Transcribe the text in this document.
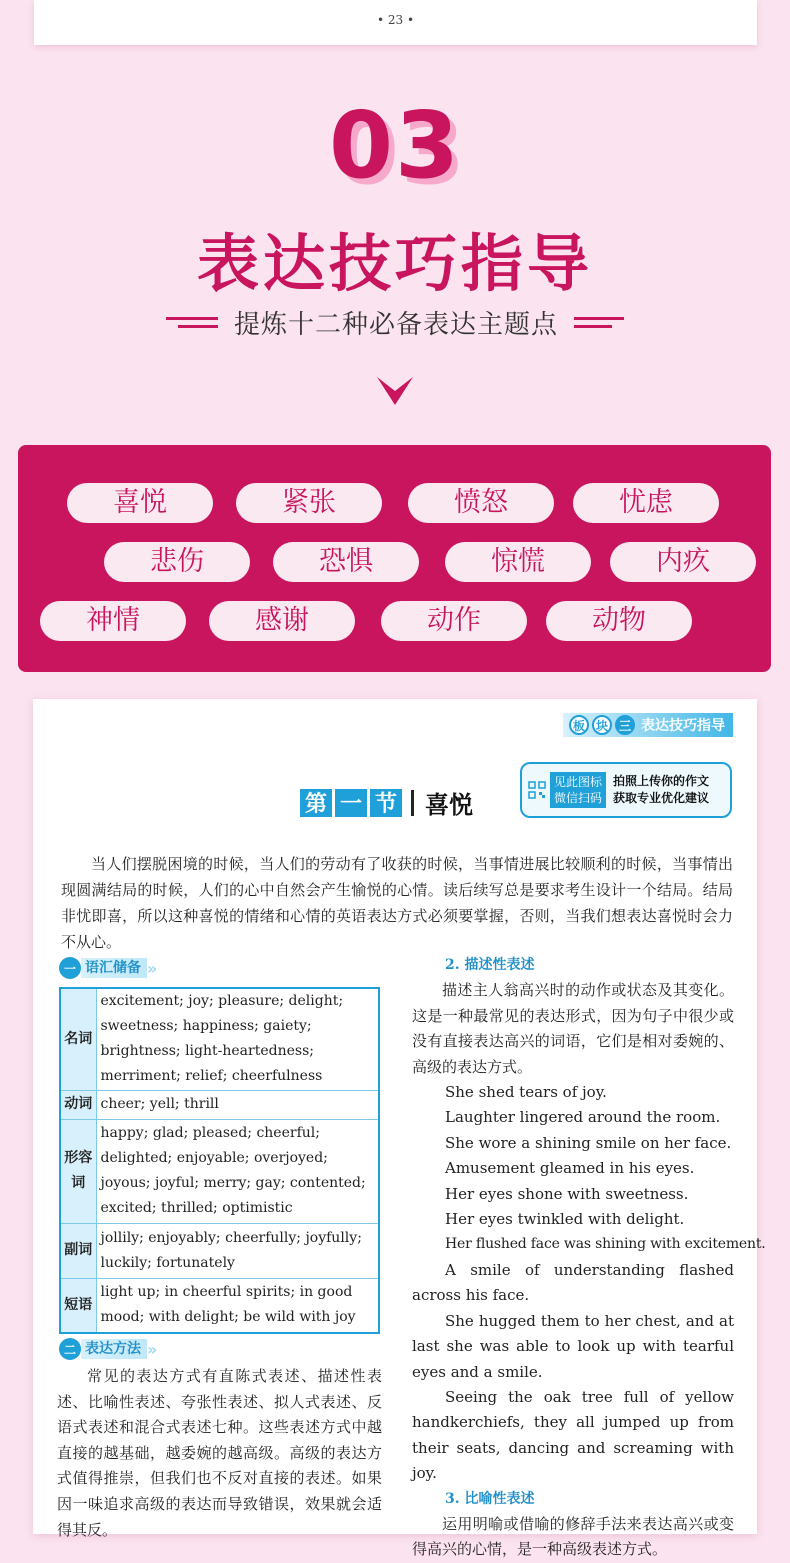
• 23 •
03
表达技巧指导
提炼十二种必备表达主题点
喜悦	紧张	愤怒	忧虑
悲伤	恐惧	惊慌	内疚
神情	感谢	动作	动物
板 块 三 表达技巧指导
见此图标
微信扫码
拍照上传你的作文
获取专业优化建议
第 一 节 喜悦
当人们摆脱困境的时候，当人们的劳动有了收获的时候，当事情进展比较顺利的时候，当事情出现圆满结局的时候，人们的心中自然会产生愉悦的心情。读后续写总是要求考生设计一个结局。结局非忧即喜，所以这种喜悦的情绪和心情的英语表达方式必须要掌握，否则，当我们想表达喜悦时会力不从心。
一 语汇储备 »
名词	excitement; joy; pleasure; delight; sweetness; happiness; gaiety; brightness; light-heartedness; merriment; relief; cheerfulness
动词	cheer; yell; thrill
形容词	happy; glad; pleased; cheerful; delighted; enjoyable; overjoyed; joyous; joyful; merry; gay; contented; excited; thrilled; optimistic
副词	jollily; enjoyably; cheerfully; joyfully; luckily; fortunately
短语	light up; in cheerful spirits; in good mood; with delight; be wild with joy
二 表达方法 »
常见的表达方式有直陈式表述、描述性表述、比喻性表述、夸张性表述、拟人式表述、反语式表述和混合式表述七种。这些表述方式中越直接的越基础，越委婉的越高级。高级的表达方式值得推崇，但我们也不反对直接的表述。如果因一味追求高级的表达而导致错误，效果就会适得其反。
2. 描述性表述
描述主人翁高兴时的动作或状态及其变化。这是一种最常见的表达形式，因为句子中很少或没有直接表达高兴的词语，它们是相对委婉的、高级的表达方式。
She shed tears of joy.
Laughter lingered around the room.
She wore a shining smile on her face.
Amusement gleamed in his eyes.
Her eyes shone with sweetness.
Her eyes twinkled with delight.
Her flushed face was shining with excitement.
A smile of understanding flashed across his face.
She hugged them to her chest, and at last she was able to look up with tearful eyes and a smile.
Seeing the oak tree full of yellow handkerchiefs, they all jumped up from their seats, dancing and screaming with joy.
3. 比喻性表述
运用明喻或借喻的修辞手法来表达高兴或变得高兴的心情，是一种高级表述方式。
